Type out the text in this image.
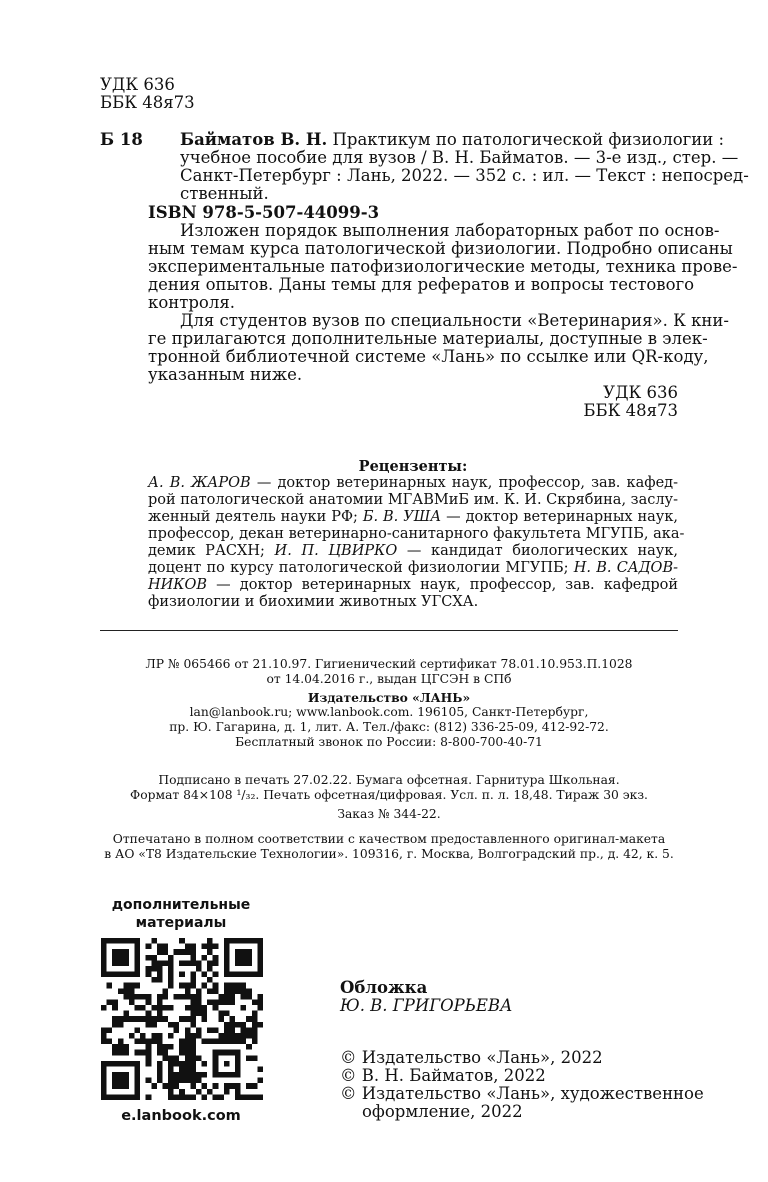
УДК 636
ББК 48я73
Б 18 Байматов В. Н. Практикум по патологической физиологии :
учебное пособие для вузов / В. Н. Байматов. — 3-е изд., стер. —
Санкт-Петербург : Лань, 2022. — 352 с. : ил. — Текст : непосред-
ственный.
ISBN 978-5-507-44099-3
Изложен порядок выполнения лабораторных работ по основ-
ным темам курса патологической физиологии. Подробно описаны
экспериментальные патофизиологические методы, техника прове-
дения опытов. Даны темы для рефератов и вопросы тестового
контроля.
Для студентов вузов по специальности «Ветеринария». К кни-
ге прилагаются дополнительные материалы, доступные в элек-
тронной библиотечной системе «Лань» по ссылке или QR-коду,
указанным ниже.
УДК 636
ББК 48я73
Рецензенты:
А. В. ЖАРОВ — доктор ветеринарных наук, профессор, зав. кафед-
рой патологической анатомии МГАВМиБ им. К. И. Скрябина, заслу-
женный деятель науки РФ; Б. В. УША — доктор ветеринарных наук,
профессор, декан ветеринарно-санитарного факультета МГУПБ, ака-
демик РАСХН; И. П. ЦВИРКО — кандидат биологических наук,
доцент по курсу патологической физиологии МГУПБ; Н. В. САДОВ-
НИКОВ — доктор ветеринарных наук, профессор, зав. кафедрой
физиологии и биохимии животных УГСХА.
ЛР № 065466 от 21.10.97. Гигиенический сертификат 78.01.10.953.П.1028
от 14.04.2016 г., выдан ЦГСЭН в СПб
Издательство «ЛАНЬ»
lan@lanbook.ru; www.lanbook.com. 196105, Санкт-Петербург,
пр. Ю. Гагарина, д. 1, лит. А. Тел./факс: (812) 336-25-09, 412-92-72.
Бесплатный звонок по России: 8-800-700-40-71
Подписано в печать 27.02.22. Бумага офсетная. Гарнитура Школьная.
Формат 84×108 ¹/₃₂. Печать офсетная/цифровая. Усл. п. л. 18,48. Тираж 30 экз.
Заказ № 344-22.
Отпечатано в полном соответствии с качеством предоставленного оригинал-макета
в АО «Т8 Издательские Технологии». 109316, г. Москва, Волгоградский пр., д. 42, к. 5.
дополнительные
материалы
e.lanbook.com
Обложка
Ю. В. ГРИГОРЬЕВА
© Издательство «Лань», 2022
© В. Н. Байматов, 2022
© Издательство «Лань», художественное
оформление, 2022
